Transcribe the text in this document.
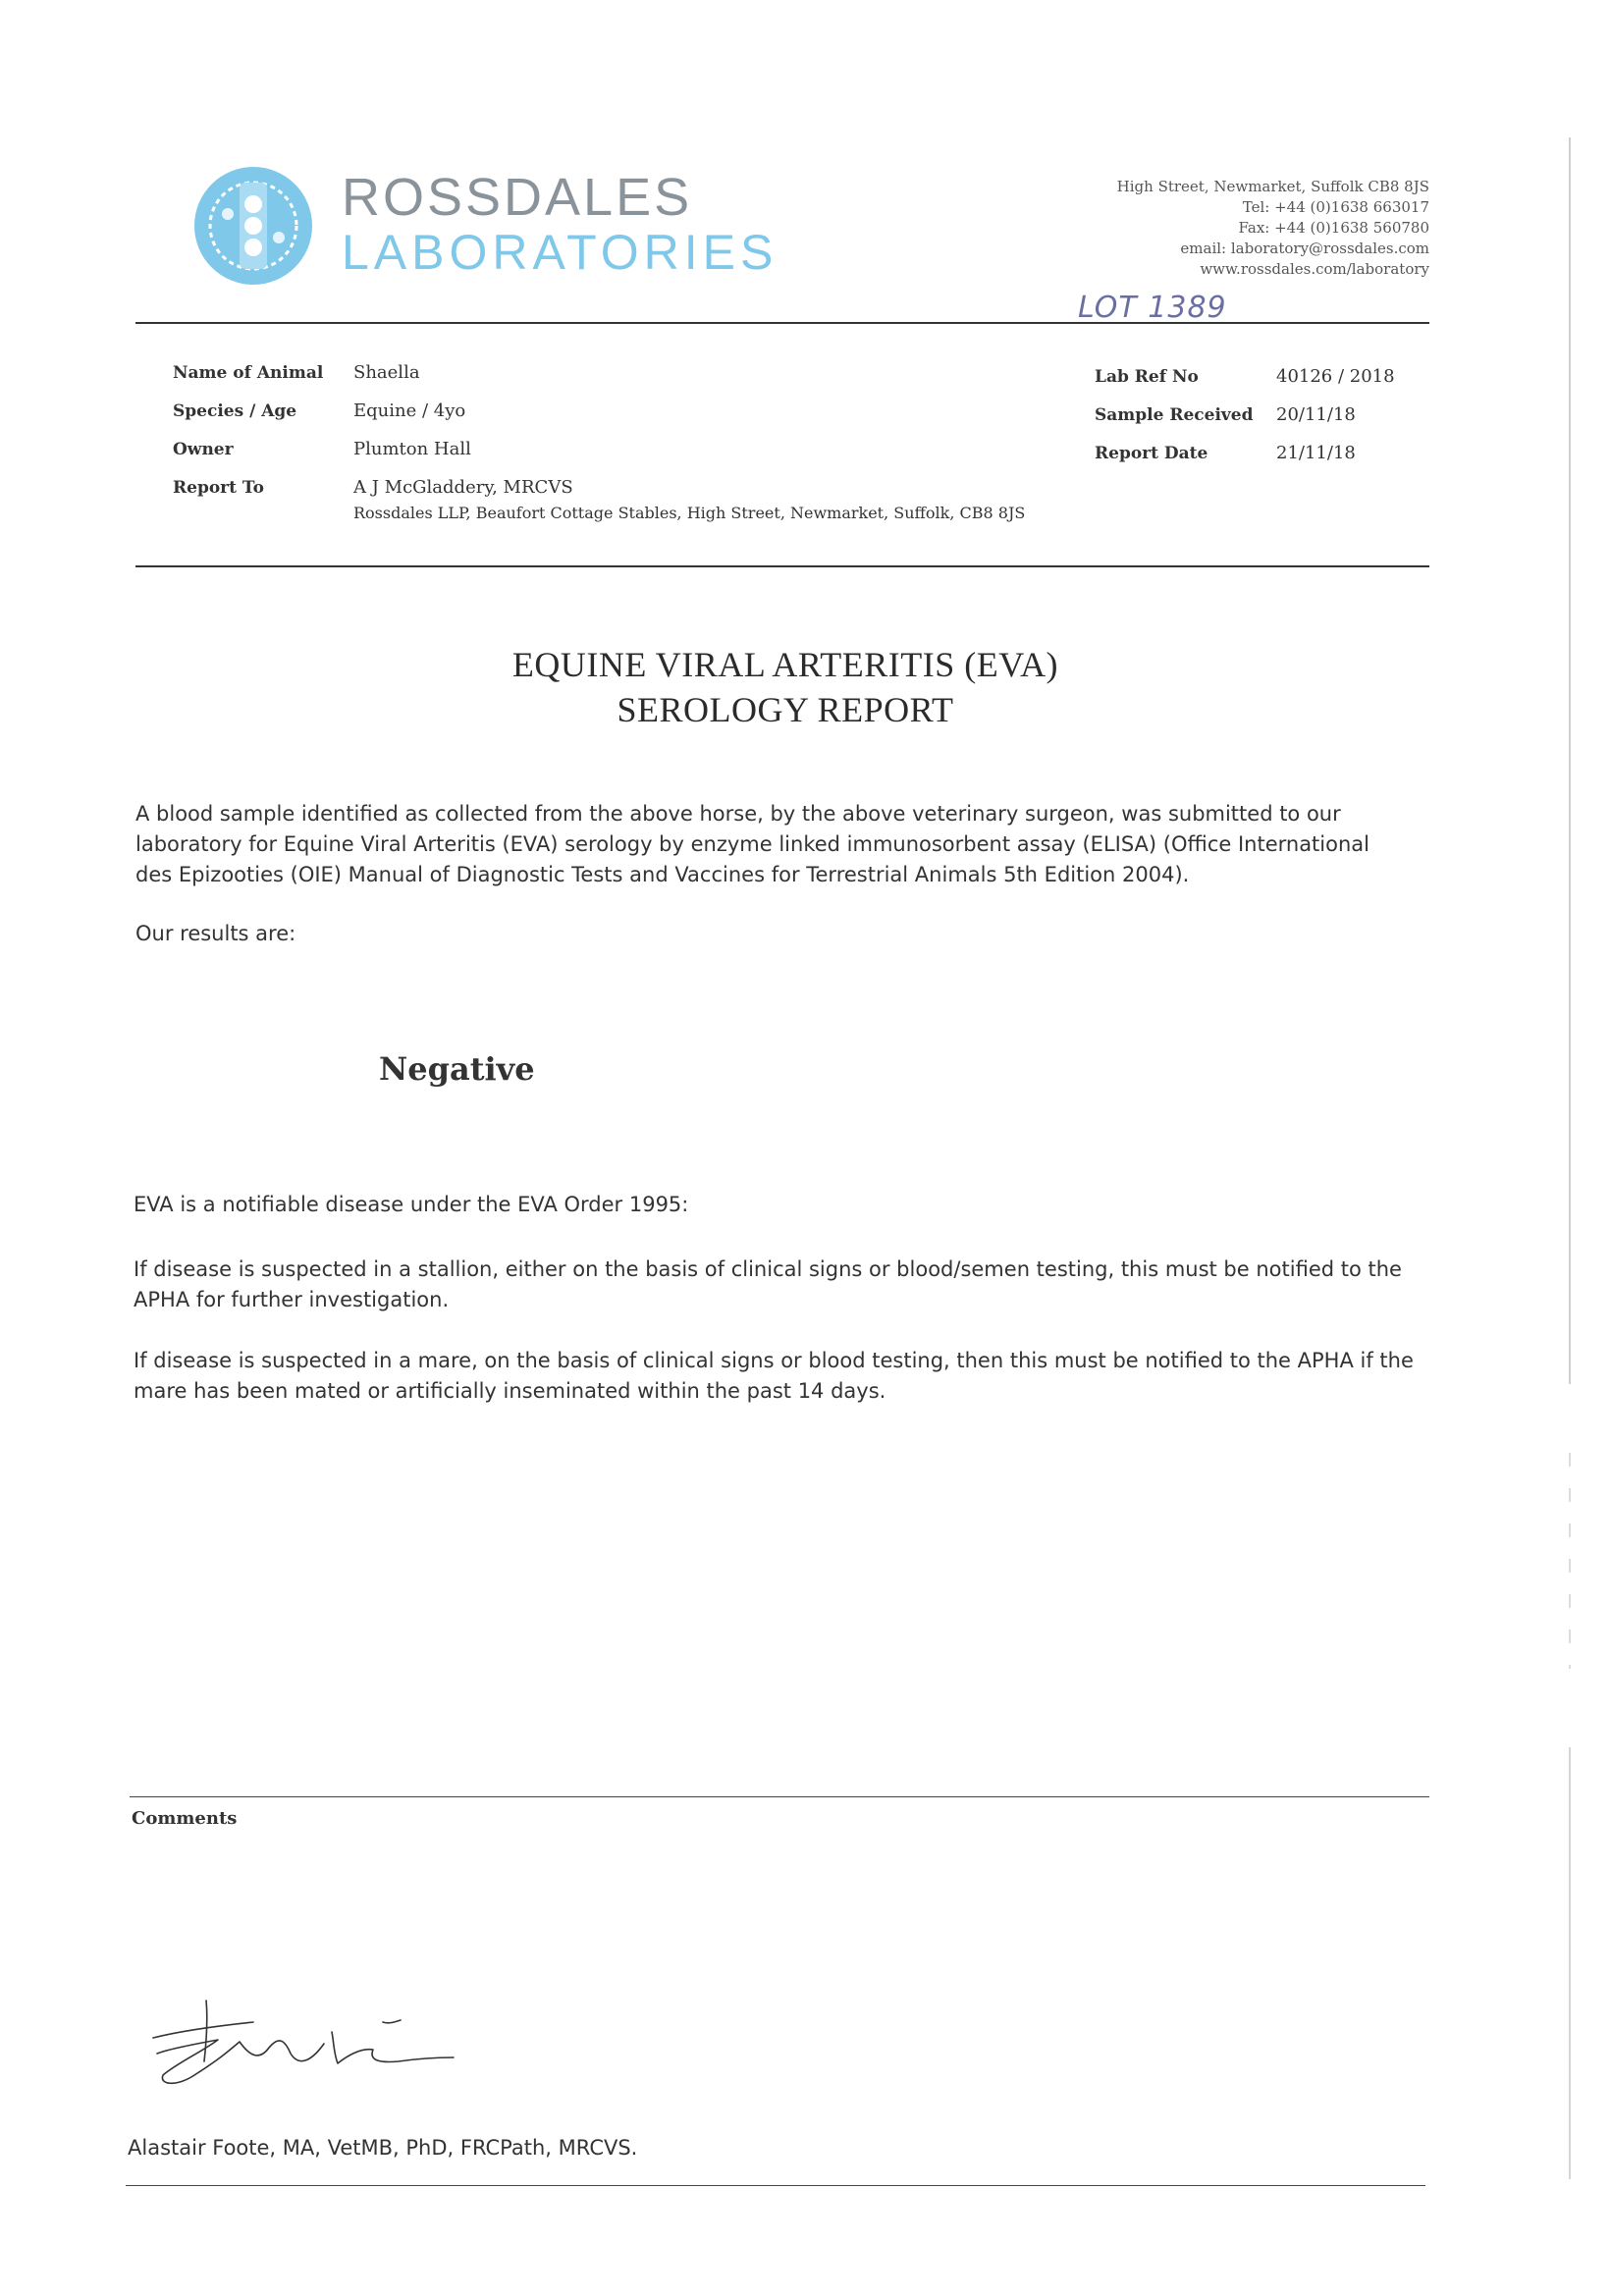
ROSSDALES
LABORATORIES
High Street, Newmarket, Suffolk CB8 8JS
Tel: +44 (0)1638 663017
Fax: +44 (0)1638 560780
email: laboratory@rossdales.com
www.rossdales.com/laboratory
LOT 1389
Name of Animal Shaella
Species / Age	Equine / 4yo
Owner	Plumton Hall
Report To	A J McGladdery, MRCVS
Rossdales LLP, Beaufort Cottage Stables, High Street, Newmarket, Suffolk, CB8 8JS
Lab Ref No	40126 / 2018
Sample Received 20/11/18
Report Date	21/11/18
EQUINE VIRAL ARTERITIS (EVA)
SEROLOGY REPORT
A blood sample identified as collected from the above horse, by the above veterinary surgeon, was submitted to our laboratory for Equine Viral Arteritis (EVA) serology by enzyme linked immunosorbent assay (ELISA) (Office International des Epizooties (OIE) Manual of Diagnostic Tests and Vaccines for Terrestrial Animals 5th Edition 2004).
Our results are:
Negative
EVA is a notifiable disease under the EVA Order 1995:
If disease is suspected in a stallion, either on the basis of clinical signs or blood/semen testing, this must be notified to the APHA for further investigation.
If disease is suspected in a mare, on the basis of clinical signs or blood testing, then this must be notified to the APHA if the mare has been mated or artificially inseminated within the past 14 days.
Comments
Alastair Foote, MA, VetMB, PhD, FRCPath, MRCVS.
